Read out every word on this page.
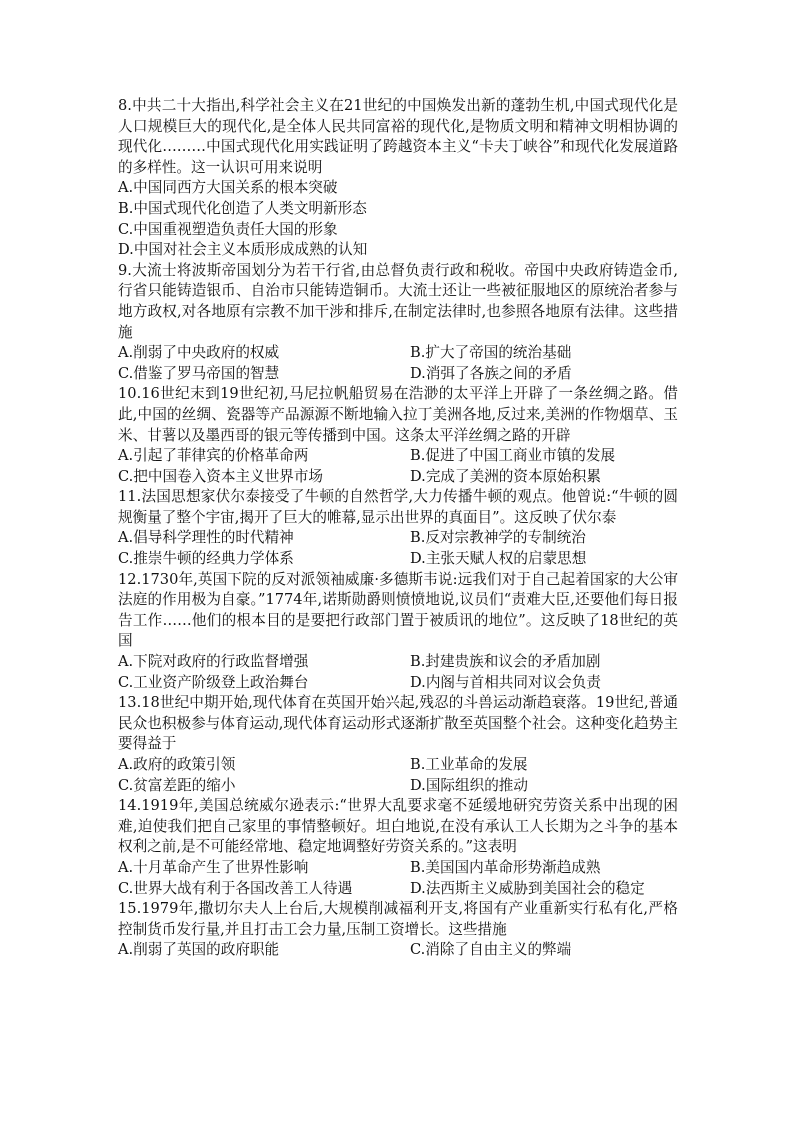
8.中共二十大指出,科学社会主义在21世纪的中国焕发出新的蓬勃生机,中国式现代化是人口规模巨大的现代化,是全体人民共同富裕的现代化,是物质文明和精神文明相协调的现代化………中国式现代化用实践证明了跨越资本主义“卡夫丁峡谷”和现代化发展道路的多样性。这一认识可用来说明
A.中国同西方大国关系的根本突破
B.中国式现代化创造了人类文明新形态
C.中国重视塑造负责任大国的形象
D.中国对社会主义本质形成成熟的认知
9.大流士将波斯帝国划分为若干行省,由总督负责行政和税收。帝国中央政府铸造金币,行省只能铸造银币、自治市只能铸造铜币。大流士还让一些被征服地区的原统治者参与地方政权,对各地原有宗教不加干涉和排斥,在制定法律时,也参照各地原有法律。这些措施
A.削弱了中央政府的权威	B.扩大了帝国的统治基础
C.借鉴了罗马帝国的智慧	D.消弭了各族之间的矛盾
10.16世纪末到19世纪初,马尼拉帆船贸易在浩渺的太平洋上开辟了一条丝绸之路。借此,中国的丝绸、瓷器等产品源源不断地输入拉丁美洲各地,反过来,美洲的作物烟草、玉米、甘薯以及墨西哥的银元等传播到中国。这条太平洋丝绸之路的开辟
A.引起了菲律宾的价格革命两	B.促进了中国工商业市镇的发展
C.把中国卷入资本主义世界市场	D.完成了美洲的资本原始积累
11.法国思想家伏尔泰接受了牛顿的自然哲学,大力传播牛顿的观点。他曾说:“牛顿的圆规衡量了整个宇宙,揭开了巨大的帷幕,显示出世界的真面目”。这反映了伏尔泰
A.倡导科学理性的时代精神	B.反对宗教神学的专制统治
C.推崇牛顿的经典力学体系	D.主张天赋人权的启蒙思想
12.1730年,英国下院的反对派领袖威廉·多德斯韦说:远我们对于自己起着国家的大公审法庭的作用极为自豪。”1774年,诺斯勋爵则愤愤地说,议员们“责难大臣,还要他们每日报告工作……他们的根本目的是要把行政部门置于被质讯的地位”。这反映了18世纪的英国
A.下院对政府的行政监督增强	B.封建贵族和议会的矛盾加剧
C.工业资产阶级登上政治舞台	D.内阁与首相共同对议会负责
13.18世纪中期开始,现代体育在英国开始兴起,残忍的斗兽运动渐趋衰落。19世纪,普通民众也积极参与体育运动,现代体育运动形式逐渐扩散至英国整个社会。这种变化趋势主要得益于
A.政府的政策引领	B.工业革命的发展
C.贫富差距的缩小	D.国际组织的推动
14.1919年,美国总统威尔逊表示:“世界大乱要求毫不延缓地研究劳资关系中出现的困难,迫使我们把自己家里的事情整顿好。坦白地说,在没有承认工人长期为之斗争的基本权利之前,是不可能经常地、稳定地调整好劳资关系的。”这表明
A.十月革命产生了世界性影响	B.美国国内革命形势渐趋成熟
C.世界大战有利于各国改善工人待遇	D.法西斯主义威胁到美国社会的稳定
15.1979年,撒切尔夫人上台后,大规模削减福利开支,将国有产业重新实行私有化,严格控制货币发行量,并且打击工会力量,压制工资增长。这些措施
A.削弱了英国的政府职能	C.消除了自由主义的弊端
